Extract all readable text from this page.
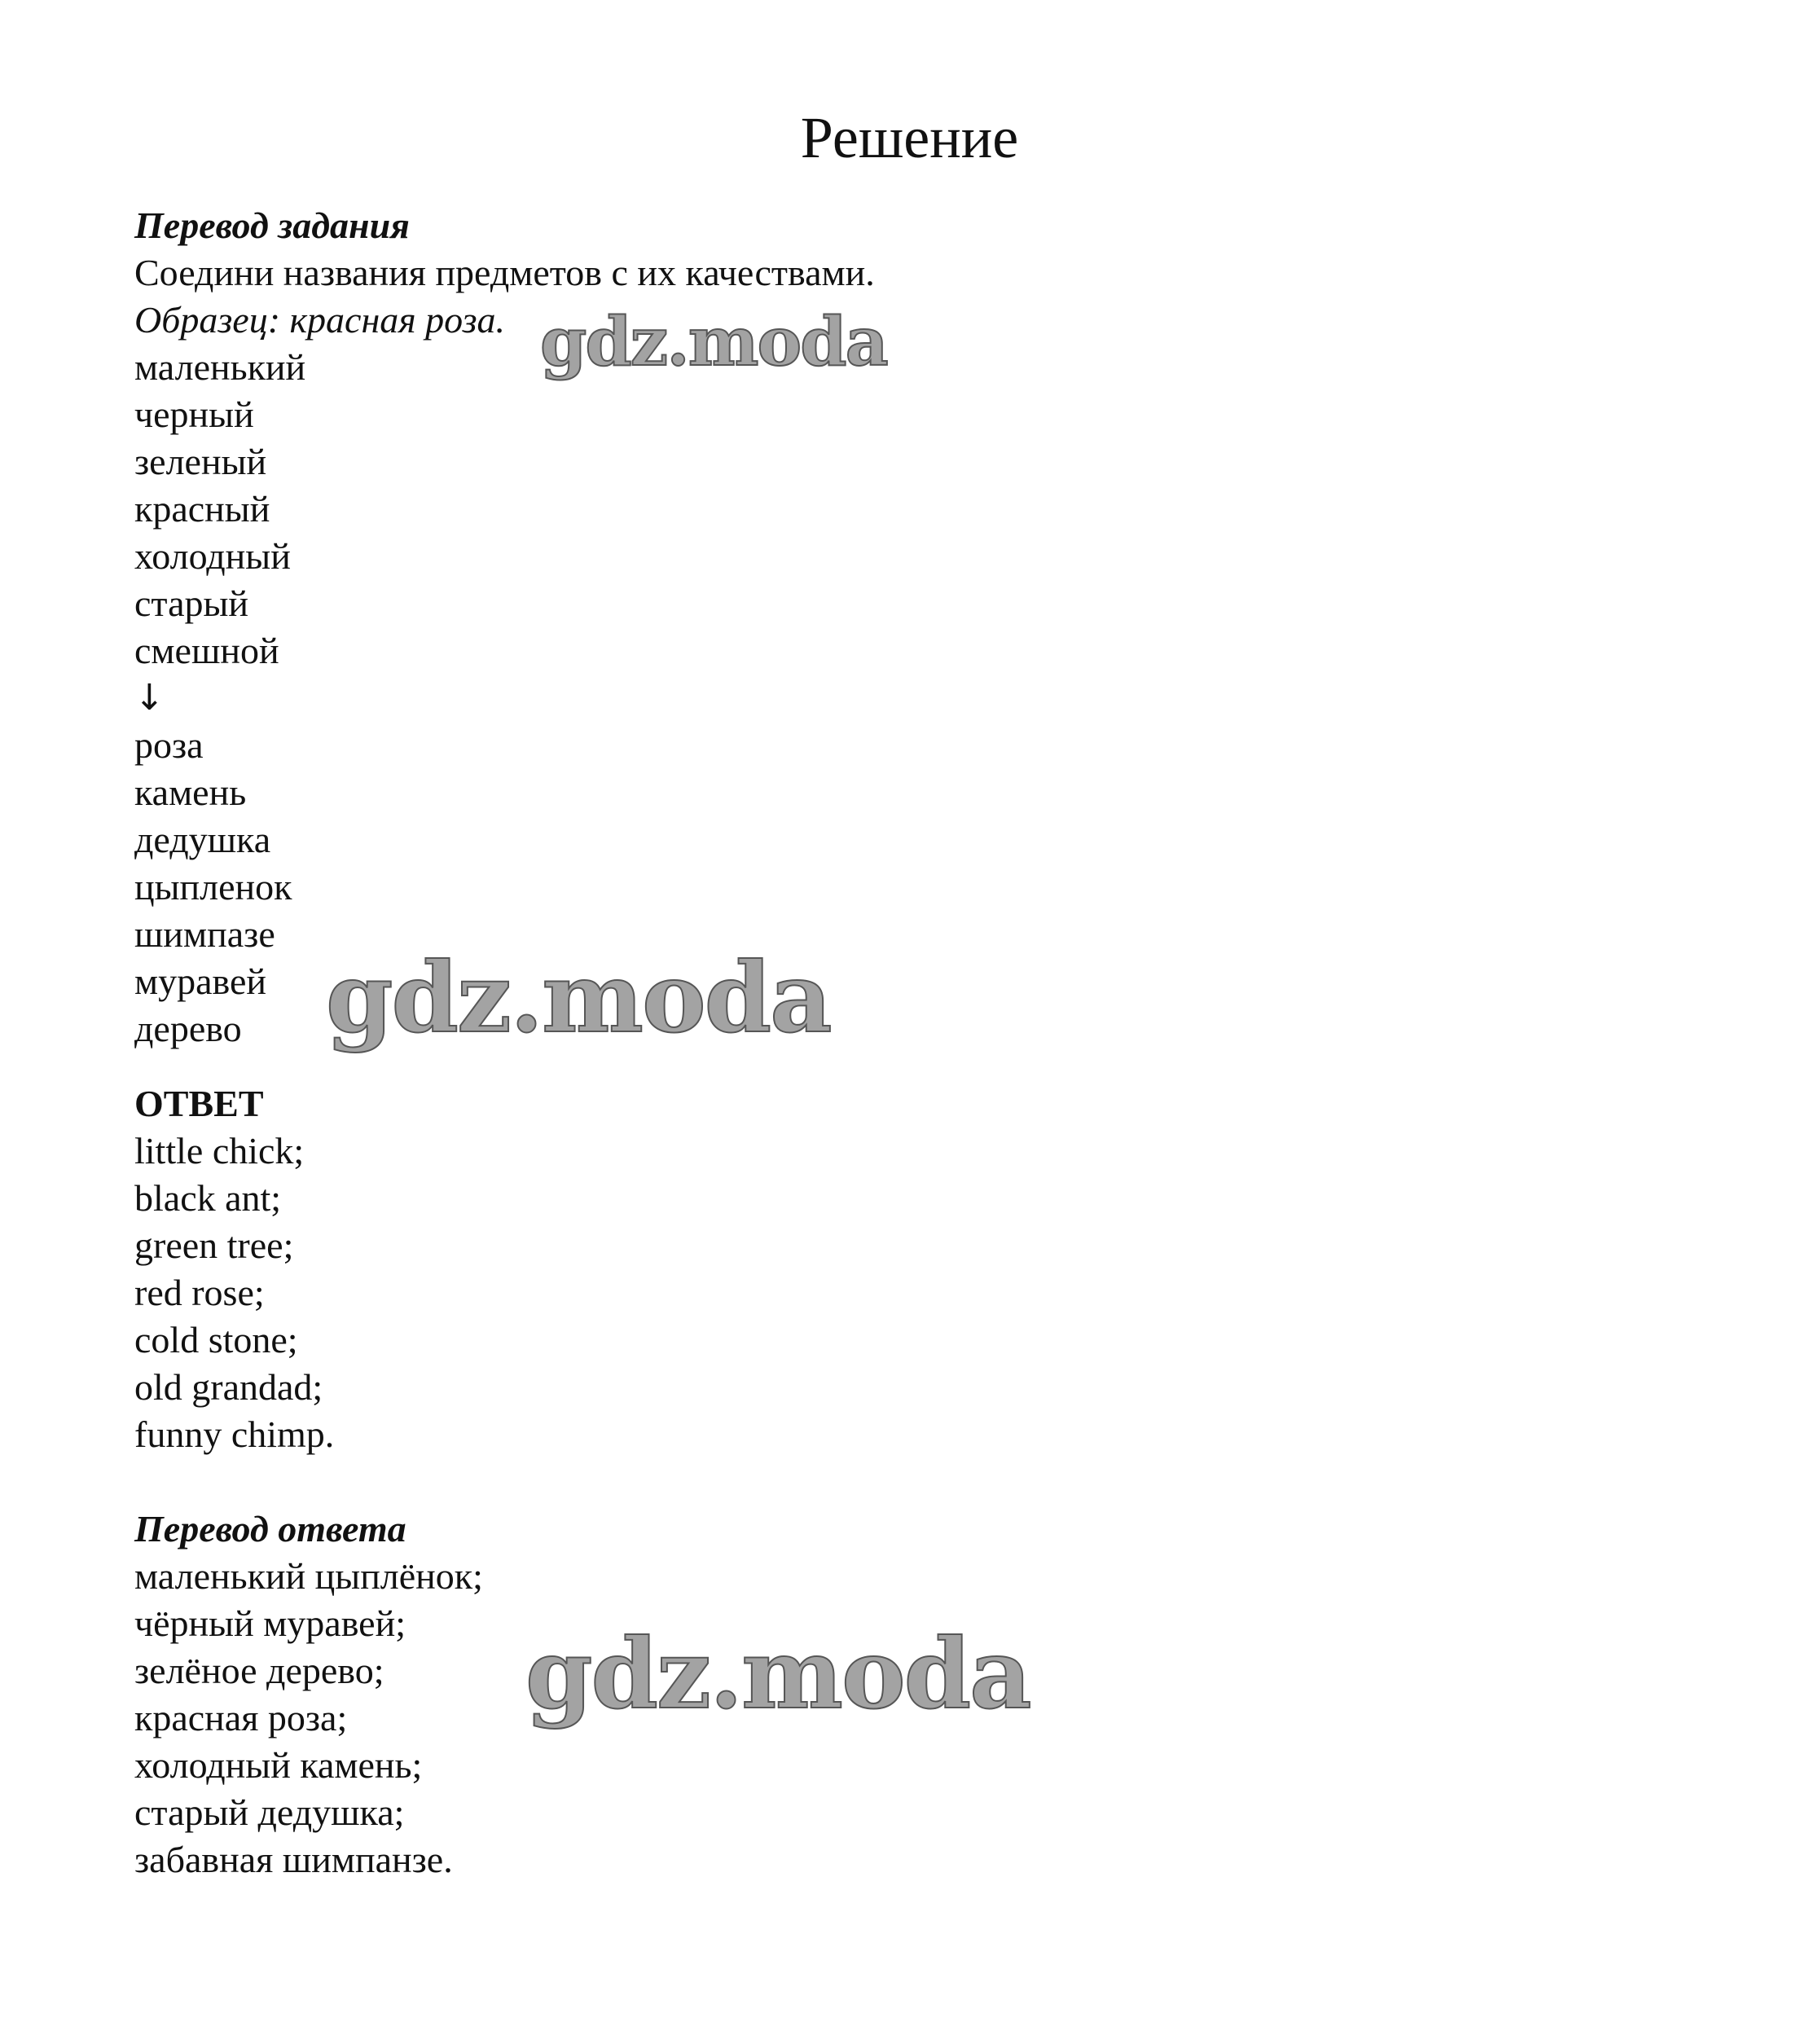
Решение
Перевод задания
Соедини названия предметов с их качествами.
Образец: красная роза.
маленький
черный
зеленый
красный
холодный
старый
смешной
↓
роза
камень
дедушка
цыпленок
шимпазе
муравей
дерево
ОТВЕТ
little chick;
black ant;
green tree;
red rose;
cold stone;
old grandad;
funny chimp.
Перевод ответа
маленький цыплёнок;
чёрный муравей;
зелёное дерево;
красная роза;
холодный камень;
старый дедушка;
забавная шимпанзе.
gdz.moda
gdz.moda
gdz.moda
